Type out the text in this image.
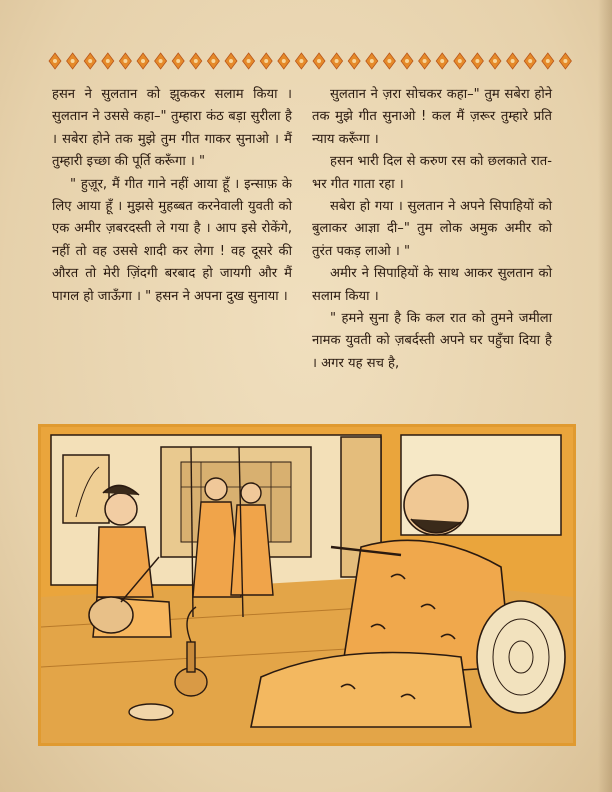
हसन ने सुलतान को झुककर सलाम किया । सुलतान ने उससे कहा–" तुम्हारा कंठ बड़ा सुरीला है । सबेरा होने तक मुझे तुम गीत गाकर सुनाओ । मैं तुम्हारी इच्छा की पूर्ति करूँगा । "

" हुज़ूर, मैं गीत गाने नहीं आया हूँ । इन्साफ़ के लिए आया हूँ । मुझसे मुहब्बत करनेवाली युवती को एक अमीर ज़बरदस्ती ले गया है । आप इसे रोकेंगे, नहीं तो वह उससे शादी कर लेगा ! वह दूसरे की औरत तो मेरी ज़िंदगी बरबाद हो जायगी और मैं पागल हो जाऊँगा । " हसन ने अपना दुख सुनाया ।

सुलतान ने ज़रा सोचकर कहा–" तुम सबेरा होने तक मुझे गीत सुनाओ ! कल मैं ज़रूर तुम्हारे प्रति न्याय करूँगा ।

हसन भारी दिल से करुण रस को छलकाते रात-भर गीत गाता रहा ।

सबेरा हो गया । सुलतान ने अपने सिपाहियों को बुलाकर आज्ञा दी–" तुम लोक अमुक अमीर को तुरंत पकड़ लाओ । "

अमीर ने सिपाहियों के साथ आकर सुलतान को सलाम किया ।

" हमने सुना है कि कल रात को तुमने जमीला नामक युवती को ज़बर्दस्ती अपने घर पहुँचा दिया है । अगर यह सच है,
